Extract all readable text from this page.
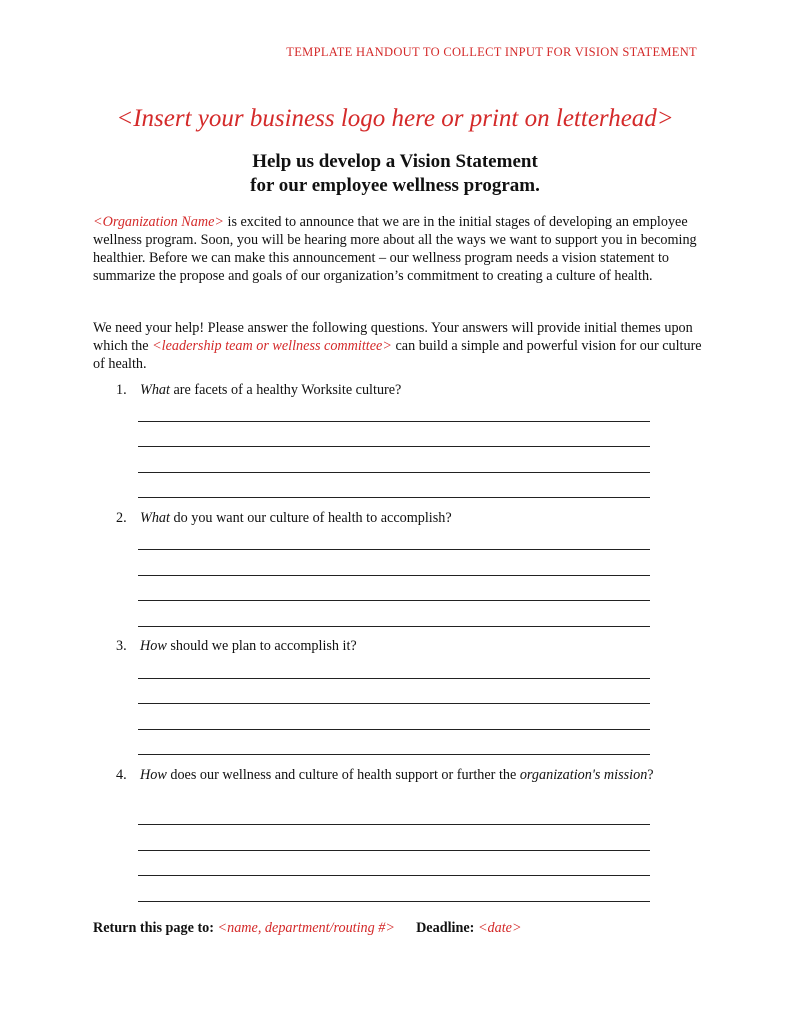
TEMPLATE HANDOUT TO COLLECT INPUT FOR VISION STATEMENT
<Insert your business logo here or print on letterhead>
Help us develop a Vision Statement
for our employee wellness program.
<Organization Name> is excited to announce that we are in the initial stages of developing an employee wellness program. Soon, you will be hearing more about all the ways we want to support you in becoming healthier. Before we can make this announcement – our wellness program needs a vision statement to summarize the propose and goals of our organization’s commitment to creating a culture of health.
We need your help! Please answer the following questions. Your answers will provide initial themes upon which the <leadership team or wellness committee> can build a simple and powerful vision for our culture of health.
1. What are facets of a healthy Worksite culture?
2. What do you want our culture of health to accomplish?
3. How should we plan to accomplish it?
4. How does our wellness and culture of health support or further the organization's mission?
Return this page to: <name, department/routing #> Deadline: <date>
